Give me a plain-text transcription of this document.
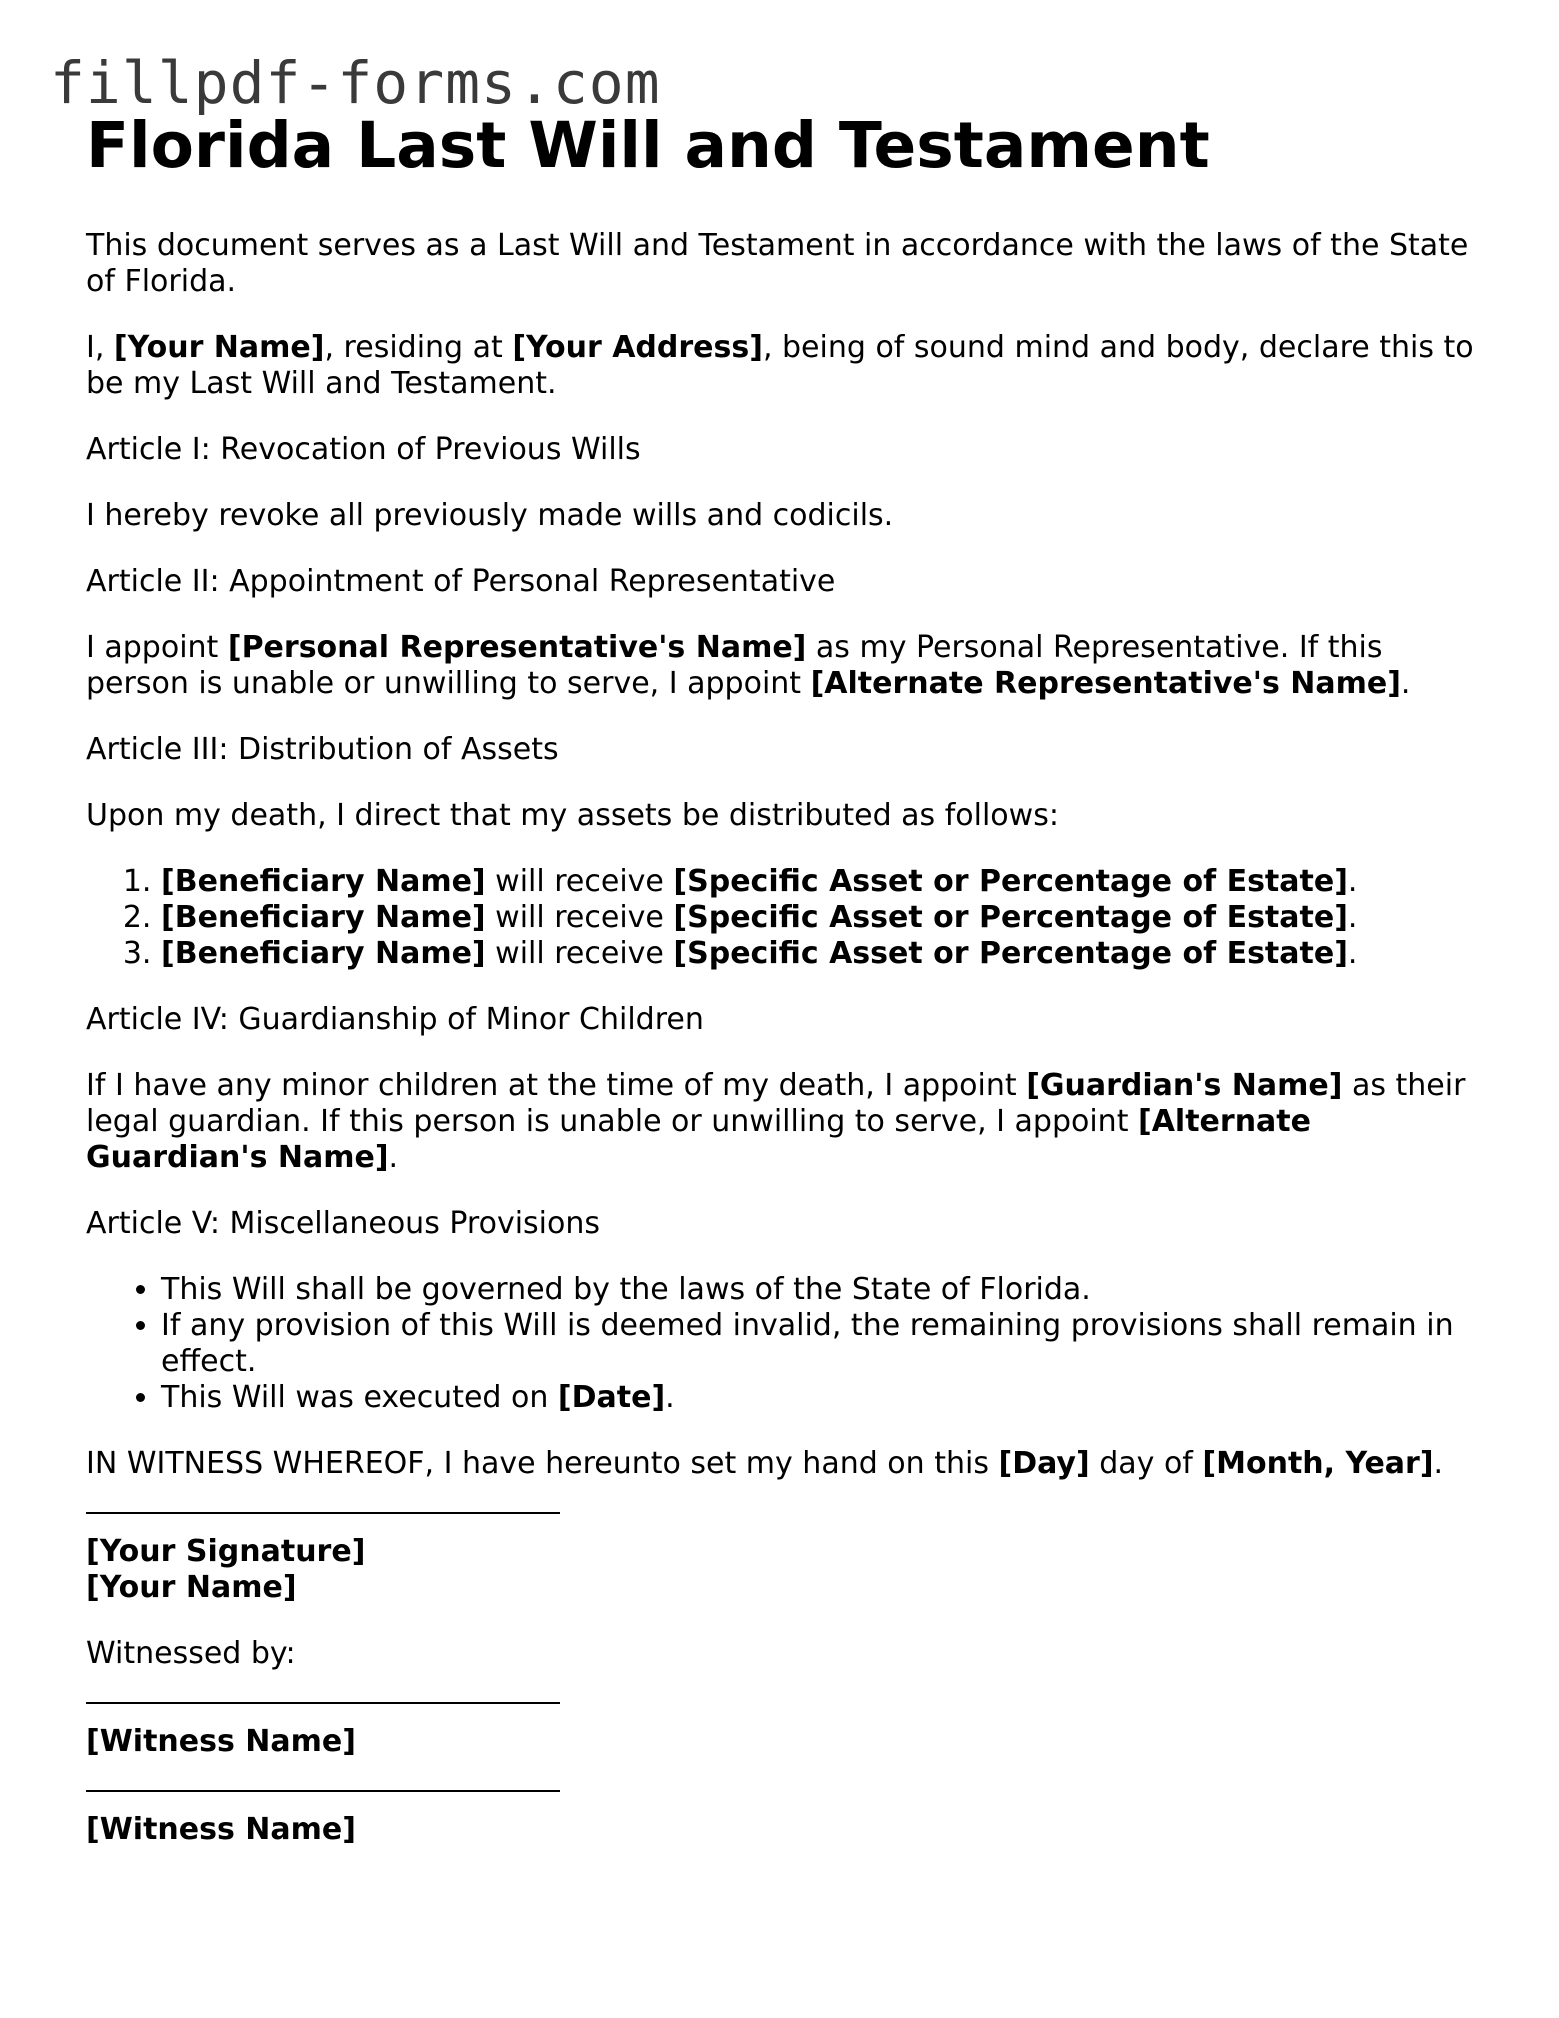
fillpdf-forms.com
Florida Last Will and Testament

This document serves as a Last Will and Testament in accordance with the laws of the State of Florida.

I, [Your Name], residing at [Your Address], being of sound mind and body, declare this to be my Last Will and Testament.

Article I: Revocation of Previous Wills

I hereby revoke all previously made wills and codicils.

Article II: Appointment of Personal Representative

I appoint [Personal Representative's Name] as my Personal Representative. If this person is unable or unwilling to serve, I appoint [Alternate Representative's Name].

Article III: Distribution of Assets

Upon my death, I direct that my assets be distributed as follows:

1. [Beneficiary Name] will receive [Specific Asset or Percentage of Estate].
2. [Beneficiary Name] will receive [Specific Asset or Percentage of Estate].
3. [Beneficiary Name] will receive [Specific Asset or Percentage of Estate].

Article IV: Guardianship of Minor Children

If I have any minor children at the time of my death, I appoint [Guardian's Name] as their legal guardian. If this person is unable or unwilling to serve, I appoint [Alternate Guardian's Name].

Article V: Miscellaneous Provisions

• This Will shall be governed by the laws of the State of Florida.
• If any provision of this Will is deemed invalid, the remaining provisions shall remain in effect.
• This Will was executed on [Date].

IN WITNESS WHEREOF, I have hereunto set my hand on this [Day] day of [Month, Year].

[Your Signature]
[Your Name]

Witnessed by:

[Witness Name]
[Witness Name]
